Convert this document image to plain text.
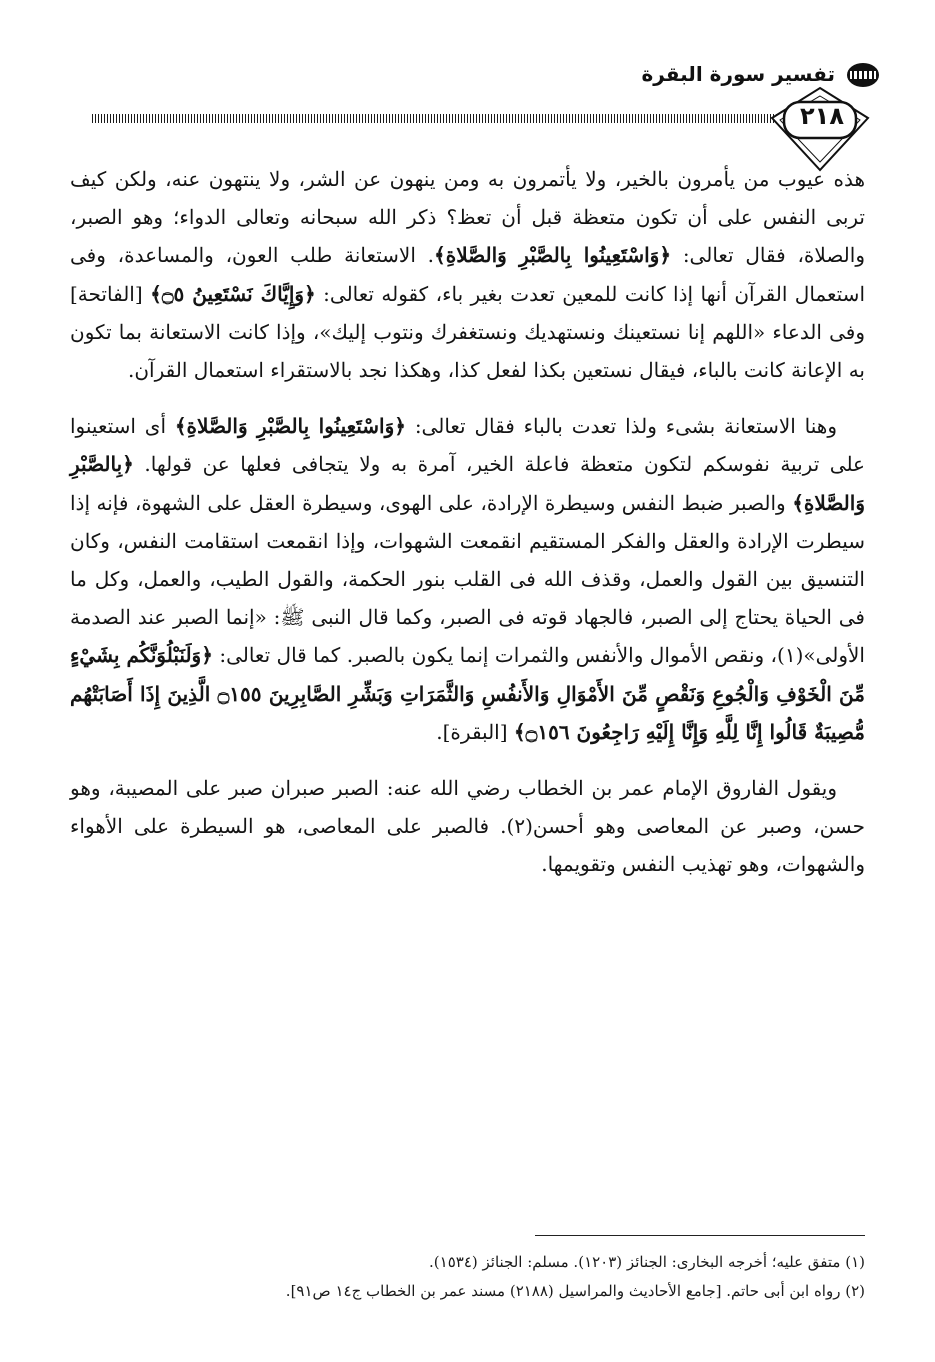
تفسير سورة البقرة
٢١٨

هذه عيوب من يأمرون بالخير، ولا يأتمرون به ومن ينهون عن الشر، ولا ينتهون عنه، ولكن كيف تربى النفس على أن تكون متعظة قبل أن تعظ؟ ذكر الله سبحانه وتعالى الدواء؛ وهو الصبر، والصلاة، فقال تعالى: ﴿وَاسْتَعِينُوا بِالصَّبْرِ وَالصَّلاةِ﴾. الاستعانة طلب العون، والمساعدة، وفى استعمال القرآن أنها إذا كانت للمعين تعدت بغير باء، كقوله تعالى: ﴿وَإِيَّاكَ نَسْتَعِينُ ۝٥﴾ [الفاتحة] وفى الدعاء «اللهم إنا نستعينك ونستهديك ونستغفرك ونتوب إليك»، وإذا كانت الاستعانة بما تكون به الإعانة كانت بالباء، فيقال نستعين بكذا لفعل كذا، وهكذا نجد بالاستقراء استعمال القرآن.

وهنا الاستعانة بشىء ولذا تعدت بالباء فقال تعالى: ﴿وَاسْتَعِينُوا بِالصَّبْرِ وَالصَّلاةِ﴾ أى استعينوا على تربية نفوسكم لتكون متعظة فاعلة الخير، آمرة به ولا يتجافى فعلها عن قولها. ﴿بِالصَّبْرِ وَالصَّلاةِ﴾ والصبر ضبط النفس وسيطرة الإرادة، على الهوى، وسيطرة العقل على الشهوة، فإنه إذا سيطرت الإرادة والعقل والفكر المستقيم انقمعت الشهوات، وإذا انقمعت استقامت النفس، وكان التنسيق بين القول والعمل، وقذف الله فى القلب بنور الحكمة، والقول الطيب، والعمل، وكل ما فى الحياة يحتاج إلى الصبر، فالجهاد قوته فى الصبر، وكما قال النبى ﷺ: «إنما الصبر عند الصدمة الأولى»(١)، ونقص الأموال والأنفس والثمرات إنما يكون بالصبر. كما قال تعالى: ﴿وَلَنَبْلُوَنَّكُم بِشَيْءٍ مِّنَ الْخَوْفِ وَالْجُوعِ وَنَقْصٍ مِّنَ الأَمْوَالِ وَالأَنفُسِ وَالثَّمَرَاتِ وَبَشِّرِ الصَّابِرِينَ ۝١٥٥ الَّذِينَ إِذَا أَصَابَتْهُم مُّصِيبَةٌ قَالُوا إِنَّا لِلَّهِ وَإِنَّا إِلَيْهِ رَاجِعُونَ ۝١٥٦﴾ [البقرة].

ويقول الفاروق الإمام عمر بن الخطاب رضي الله عنه: الصبر صبران صبر على المصيبة، وهو حسن، وصبر عن المعاصى وهو أحسن(٢). فالصبر على المعاصى، هو السيطرة على الأهواء والشهوات، وهو تهذيب النفس وتقويمها.

(١) متفق عليه؛ أخرجه البخارى: الجنائز (١٢٠٣). مسلم: الجنائز (١٥٣٤).
(٢) رواه ابن أبى حاتم. [جامع الأحاديث والمراسيل (٢١٨٨) مسند عمر بن الخطاب ج١٤ ص٩١].
